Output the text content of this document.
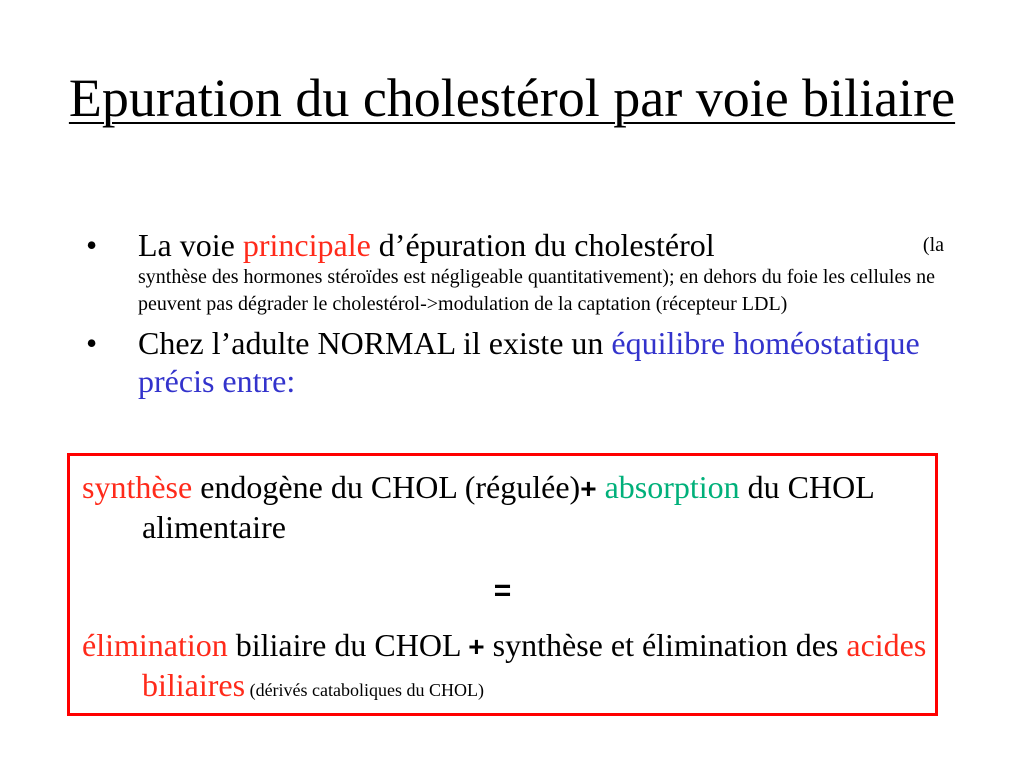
Epuration du cholestérol par voie biliaire
• La voie principale d’épuration du cholestérol	(la
synthèse des hormones stéroïdes est négligeable quantitativement); en dehors du foie les cellules ne peuvent pas dégrader le cholestérol->modulation de la captation (récepteur LDL)
• Chez l’adulte NORMAL il existe un équilibre homéostatique précis entre:
synthèse endogène du CHOL (régulée)+ absorption du CHOL alimentaire
=
élimination biliaire du CHOL + synthèse et élimination des acides biliaires (dérivés cataboliques du CHOL)
